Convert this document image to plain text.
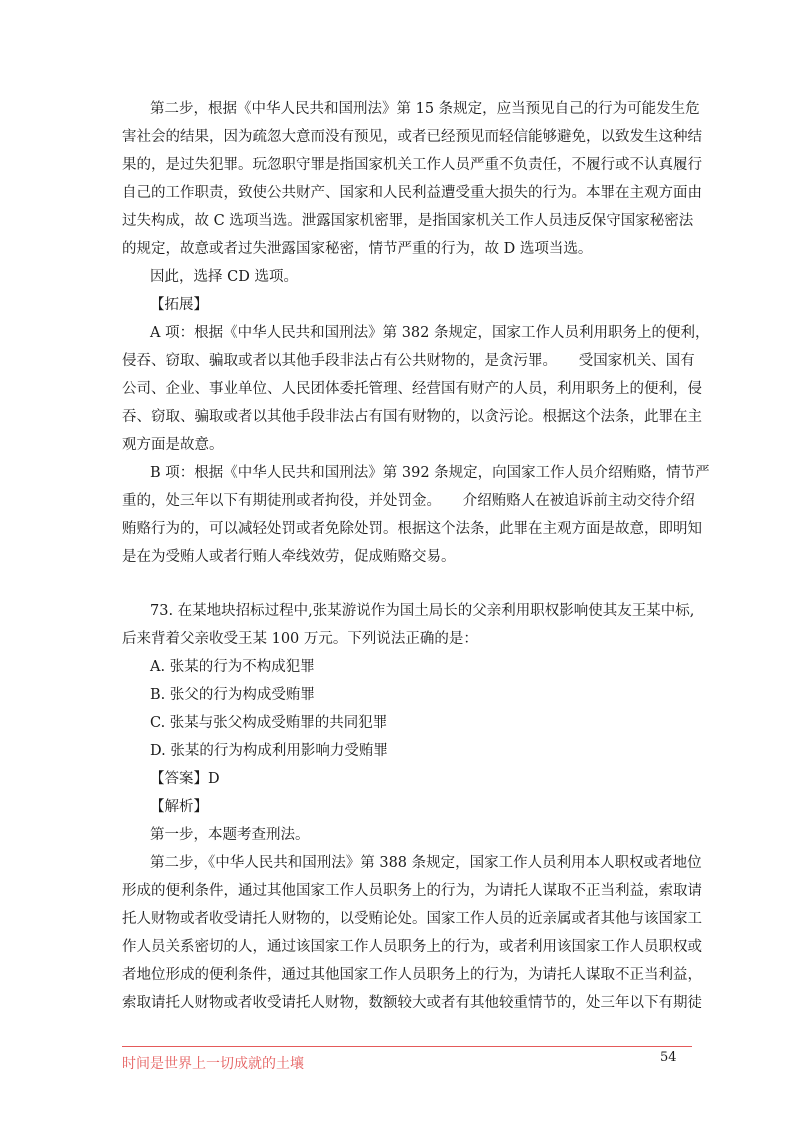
第二步，根据《中华人民共和国刑法》第 15 条规定，应当预见自己的行为可能发生危
害社会的结果，因为疏忽大意而没有预见，或者已经预见而轻信能够避免，以致发生这种结
果的，是过失犯罪。玩忽职守罪是指国家机关工作人员严重不负责任，不履行或不认真履行
自己的工作职责，致使公共财产、国家和人民利益遭受重大损失的行为。本罪在主观方面由
过失构成，故 C 选项当选。泄露国家机密罪，是指国家机关工作人员违反保守国家秘密法
的规定，故意或者过失泄露国家秘密，情节严重的行为，故 D 选项当选。
因此，选择 CD 选项。
【拓展】
A 项：根据《中华人民共和国刑法》第 382 条规定，国家工作人员利用职务上的便利，
侵吞、窃取、骗取或者以其他手段非法占有公共财物的，是贪污罪。　　受国家机关、国有
公司、企业、事业单位、人民团体委托管理、经营国有财产的人员，利用职务上的便利，侵
吞、窃取、骗取或者以其他手段非法占有国有财物的，以贪污论。根据这个法条，此罪在主
观方面是故意。
B 项：根据《中华人民共和国刑法》第 392 条规定，向国家工作人员介绍贿赂，情节严
重的，处三年以下有期徒刑或者拘役，并处罚金。　　介绍贿赂人在被追诉前主动交待介绍
贿赂行为的，可以减轻处罚或者免除处罚。根据这个法条，此罪在主观方面是故意，即明知
是在为受贿人或者行贿人牵线效劳，促成贿赂交易。
73. 在某地块招标过程中,张某游说作为国土局长的父亲利用职权影响使其友王某中标,
后来背着父亲收受王某 100 万元。下列说法正确的是：
A. 张某的行为不构成犯罪
B. 张父的行为构成受贿罪
C. 张某与张父构成受贿罪的共同犯罪
D. 张某的行为构成利用影响力受贿罪
【答案】D
【解析】
第一步，本题考查刑法。
第二步，《中华人民共和国刑法》第 388 条规定，国家工作人员利用本人职权或者地位
形成的便利条件，通过其他国家工作人员职务上的行为，为请托人谋取不正当利益，索取请
托人财物或者收受请托人财物的，以受贿论处。国家工作人员的近亲属或者其他与该国家工
作人员关系密切的人，通过该国家工作人员职务上的行为，或者利用该国家工作人员职权或
者地位形成的便利条件，通过其他国家工作人员职务上的行为，为请托人谋取不正当利益，
索取请托人财物或者收受请托人财物，数额较大或者有其他较重情节的，处三年以下有期徒
时间是世界上一切成就的土壤	54
